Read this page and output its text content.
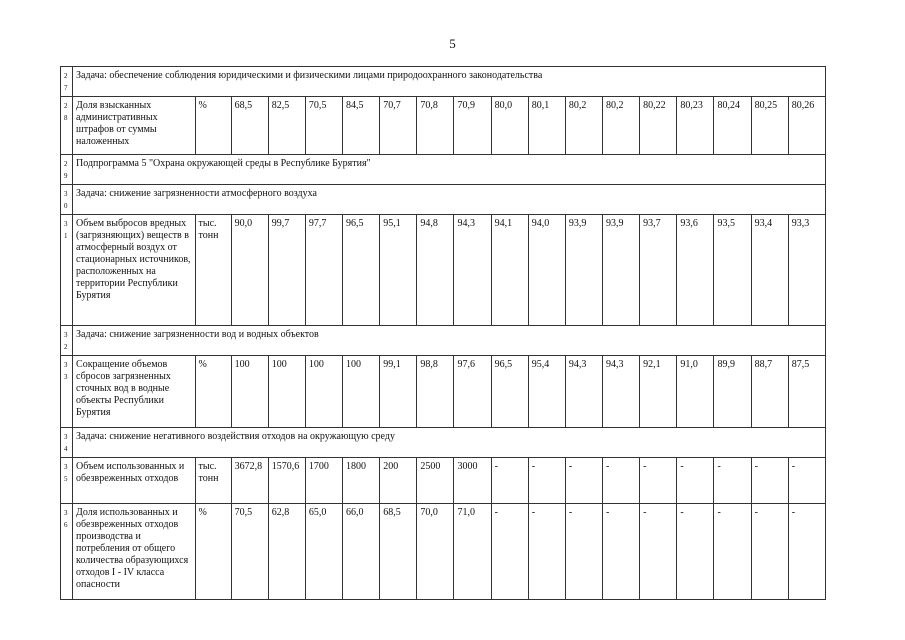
5
27	Задача: обеспечение соблюдения юридическими и физическими лицами природоохранного законодательства																	
28	Доля взысканных административных штрафов от суммы наложенных	%	68,5	82,5	70,5	84,5	70,7	70,8	70,9	80,0	80,1	80,2	80,2	80,22	80,23	80,24	80,25	80,26
29	Подпрограмма 5 "Охрана окружающей среды в Республике Бурятия"																	
30	Задача: снижение загрязненности атмосферного воздуха																	
31	Объем выбросов вредных (загрязняющих) веществ в атмосферный воздух от стационарных источников, расположенных на территории Республики Бурятия	тыс. тонн	90,0	99,7	97,7	96,5	95,1	94,8	94,3	94,1	94,0	93,9	93,9	93,7	93,6	93,5	93,4	93,3
32	Задача: снижение загрязненности вод и водных объектов																	
33	Сокращение объемов сбросов загрязненных сточных вод в водные объекты Республики Бурятия	%	100	100	100	100	99,1	98,8	97,6	96,5	95,4	94,3	94,3	92,1	91,0	89,9	88,7	87,5
34	Задача: снижение негативного воздействия отходов на окружающую среду																	
35	Объем использованных и обезвреженных отходов	тыс. тонн	3672,8	1570,6	1700	1800	200	2500	3000	-	-	-	-	-	-	-	-	-
36	Доля использованных и обезвреженных отходов производства и потребления от общего количества образующихся отходов I - IV класса опасности	%	70,5	62,8	65,0	66,0	68,5	70,0	71,0	-	-	-	-	-	-	-	-	-
